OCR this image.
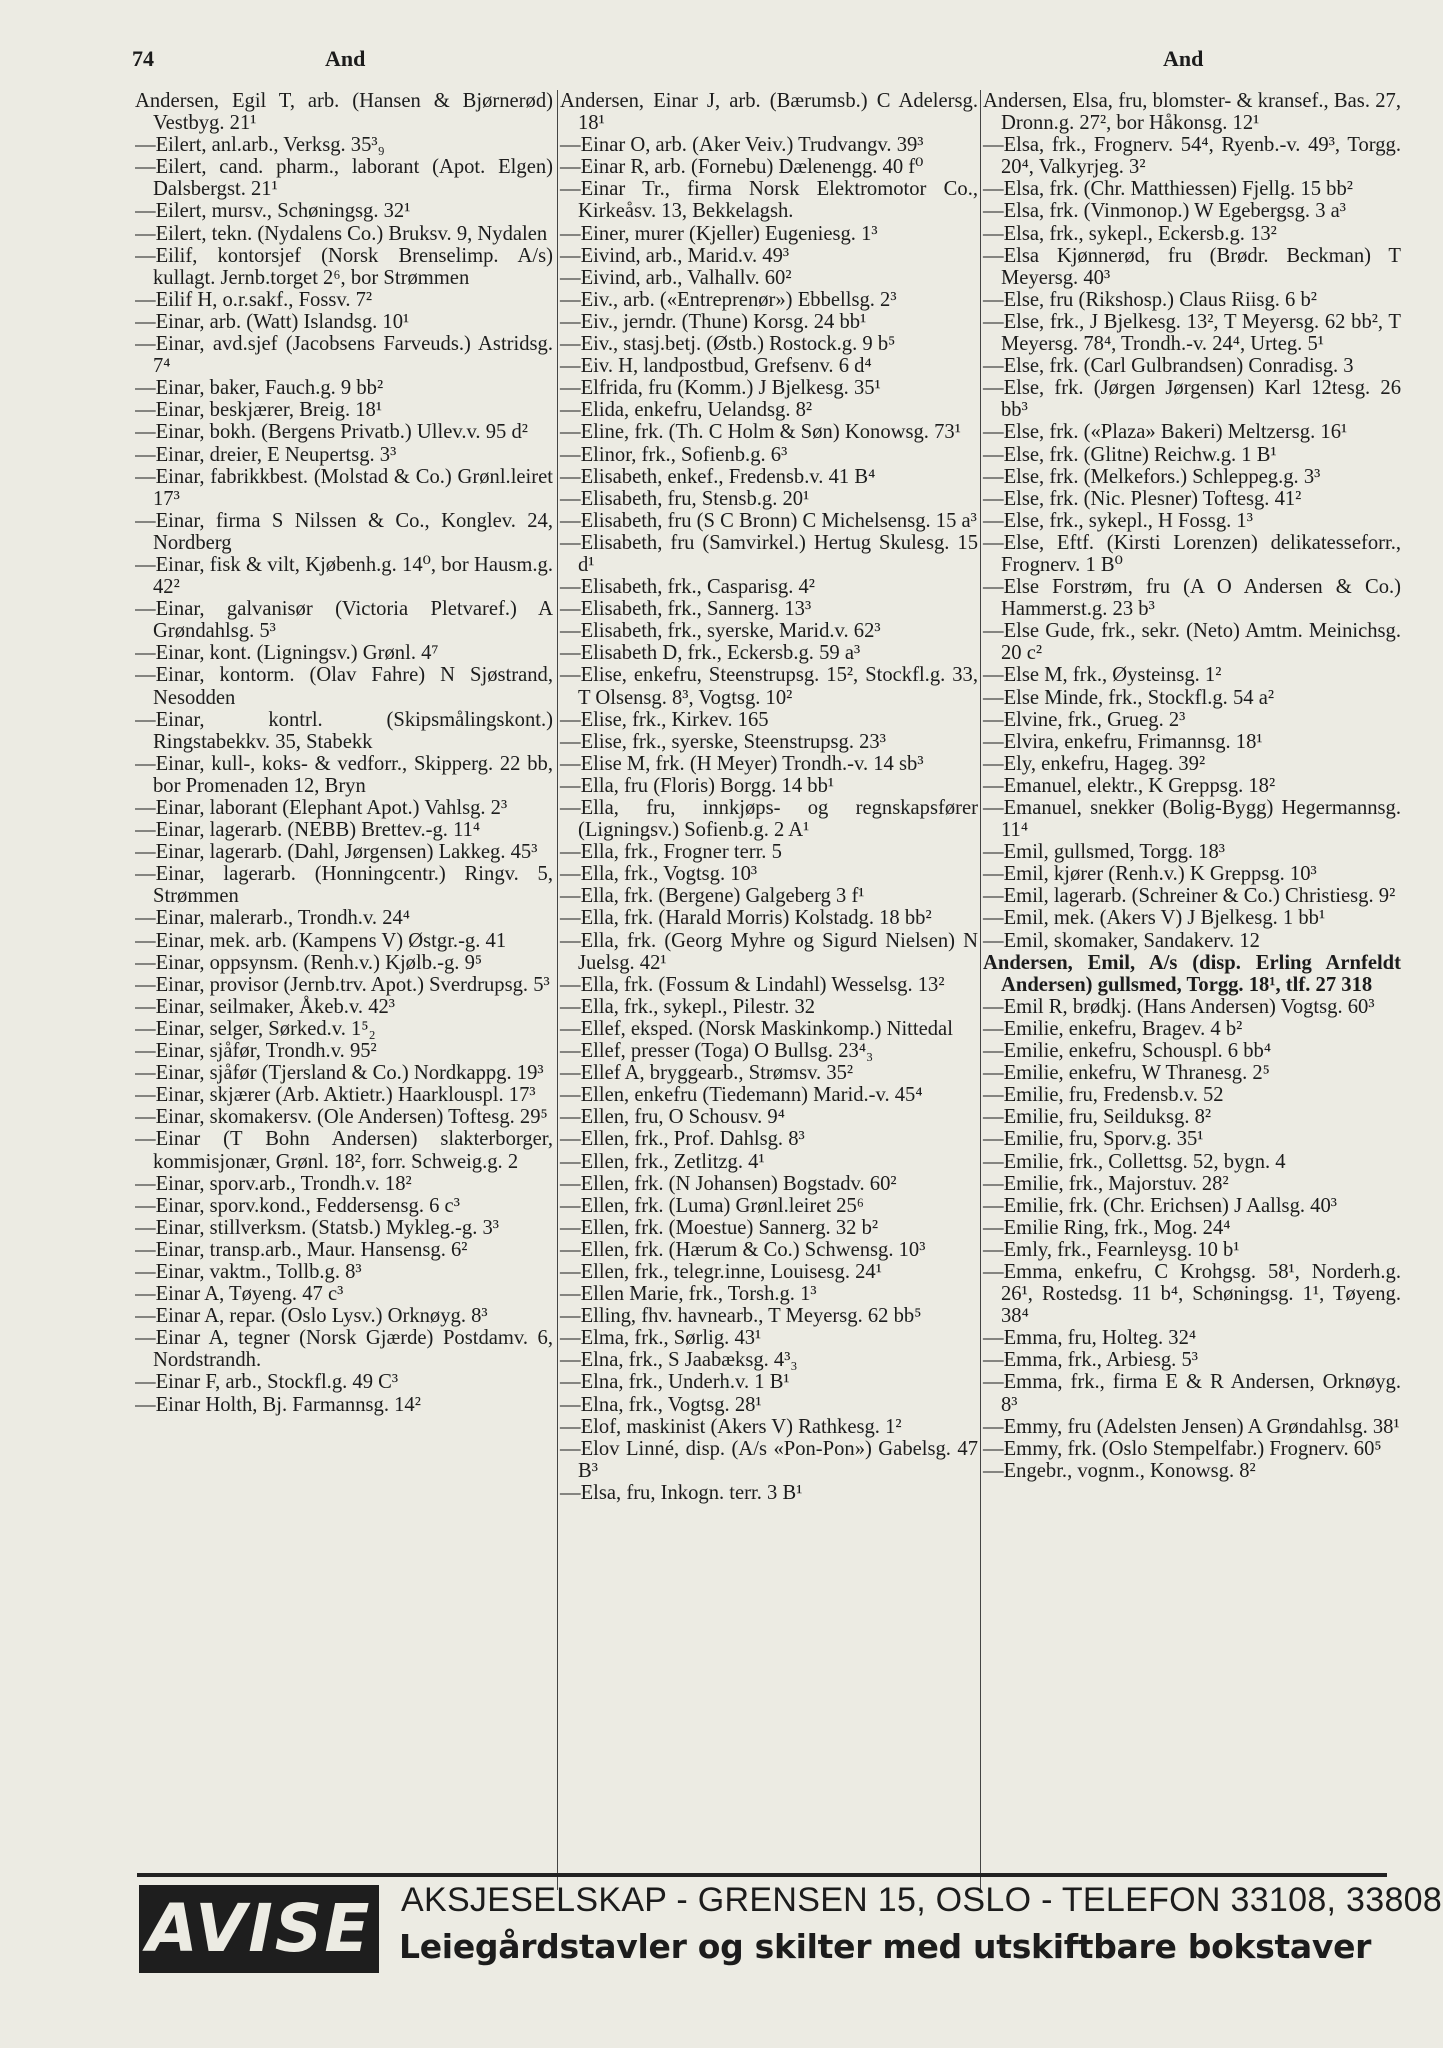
74	And	And

Andersen, Egil T, arb. (Hansen & Bjørnerød) Vestbyg. 21¹

—Eilert, anl.arb., Verksg. 35³₉

—Eilert, cand. pharm., laborant (Apot. Elgen) Dalsbergst. 21¹

—Eilert, mursv., Schøningsg. 32¹

—Eilert, tekn. (Nydalens Co.) Bruksv. 9, Nydalen

—Eilif, kontorsjef (Norsk Brenselimp. A/s) kullagt. Jernb.torget 2⁶, bor Strømmen

—Eilif H, o.r.sakf., Fossv. 7²

—Einar, arb. (Watt) Islandsg. 10¹

—Einar, avd.sjef (Jacobsens Farveuds.) Astridsg. 7⁴

—Einar, baker, Fauch.g. 9 bb²

—Einar, beskjærer, Breig. 18¹

—Einar, bokh. (Bergens Privatb.) Ullev.v. 95 d²

—Einar, dreier, E Neupertsg. 3³

—Einar, fabrikkbest. (Molstad & Co.) Grønl.leiret 17³

—Einar, firma S Nilssen & Co., Konglev. 24, Nordberg

—Einar, fisk & vilt, Kjøbenh.g. 14⁰, bor Hausm.g. 42²

—Einar, galvanisør (Victoria Pletvaref.) A Grøndahlsg. 5³

—Einar, kont. (Ligningsv.) Grønl. 4⁷

—Einar, kontorm. (Olav Fahre) N Sjøstrand, Nesodden

—Einar, kontrl. (Skipsmålingskont.) Ringstabekkv. 35, Stabekk

—Einar, kull-, koks- & vedforr., Skipperg. 22 bb, bor Promenaden 12, Bryn

—Einar, laborant (Elephant Apot.) Vahlsg. 2³

—Einar, lagerarb. (NEBB) Brettev.-g. 11⁴

—Einar, lagerarb. (Dahl, Jørgensen) Lakkeg. 45³

—Einar, lagerarb. (Honningcentr.) Ringv. 5, Strømmen

—Einar, malerarb., Trondh.v. 24⁴

—Einar, mek. arb. (Kampens V) Østgr.-g. 41

—Einar, oppsynsm. (Renh.v.) Kjølb.-g. 9⁵

—Einar, provisor (Jernb.trv. Apot.) Sverdrupsg. 5³

—Einar, seilmaker, Åkeb.v. 42³

—Einar, selger, Sørked.v. 1⁵₂

—Einar, sjåfør, Trondh.v. 95²

—Einar, sjåfør (Tjersland & Co.) Nordkappg. 19³

—Einar, skjærer (Arb. Aktietr.) Haarklouspl. 17³

—Einar, skomakersv. (Ole Andersen) Toftesg. 29⁵

—Einar (T Bohn Andersen) slakterborger, kommisjonær, Grønl. 18², forr. Schweig.g. 2

—Einar, sporv.arb., Trondh.v. 18²

—Einar, sporv.kond., Feddersensg. 6 c³

—Einar, stillverksm. (Statsb.) Mykleg.-g. 3³

—Einar, transp.arb., Maur. Hansensg. 6²

—Einar, vaktm., Tollb.g. 8³

—Einar A, Tøyeng. 47 c³

—Einar A, repar. (Oslo Lysv.) Orknøyg. 8³

—Einar A, tegner (Norsk Gjærde) Postdamv. 6, Nordstrandh.

—Einar F, arb., Stockfl.g. 49 C³

—Einar Holth, Bj. Farmannsg. 14²

Andersen, Einar J, arb. (Bærumsb.) C Adelersg. 18¹

—Einar O, arb. (Aker Veiv.) Trudvangv. 39³

—Einar R, arb. (Fornebu) Dælenengg. 40 f⁰

—Einar Tr., firma Norsk Elektromotor Co., Kirkeåsv. 13, Bekkelagsh.

—Einer, murer (Kjeller) Eugeniesg. 1³

—Eivind, arb., Marid.v. 49³

—Eivind, arb., Valhallv. 60²

—Eiv., arb. («Entreprenør») Ebbellsg. 2³

—Eiv., jerndr. (Thune) Korsg. 24 bb¹

—Eiv., stasj.betj. (Østb.) Rostock.g. 9 b⁵

—Eiv. H, landpostbud, Grefsenv. 6 d⁴

—Elfrida, fru (Komm.) J Bjelkesg. 35¹

—Elida, enkefru, Uelandsg. 8²

—Eline, frk. (Th. C Holm & Søn) Konowsg. 73¹

—Elinor, frk., Sofienb.g. 6³

—Elisabeth, enkef., Fredensb.v. 41 B⁴

—Elisabeth, fru, Stensb.g. 20¹

—Elisabeth, fru (S C Bronn) C Michelsensg. 15 a³

—Elisabeth, fru (Samvirkel.) Hertug Skulesg. 15 d¹

—Elisabeth, frk., Casparisg. 4²

—Elisabeth, frk., Sannerg. 13³

—Elisabeth, frk., syerske, Marid.v. 62³

—Elisabeth D, frk., Eckersb.g. 59 a³

—Elise, enkefru, Steenstrupsg. 15², Stockfl.g. 33, T Olsensg. 8³, Vogtsg. 10²

—Elise, frk., Kirkev. 165

—Elise, frk., syerske, Steenstrupsg. 23³

—Elise M, frk. (H Meyer) Trondh.-v. 14 sb³

—Ella, fru (Floris) Borgg. 14 bb¹

—Ella, fru, innkjøps- og regnskapsfører (Ligningsv.) Sofienb.g. 2 A¹

—Ella, frk., Frogner terr. 5

—Ella, frk., Vogtsg. 10³

—Ella, frk. (Bergene) Galgeberg 3 f¹

—Ella, frk. (Harald Morris) Kolstadg. 18 bb²

—Ella, frk. (Georg Myhre og Sigurd Nielsen) N Juelsg. 42¹

—Ella, frk. (Fossum & Lindahl) Wesselsg. 13²

—Ella, frk., sykepl., Pilestr. 32

—Ellef, eksped. (Norsk Maskinkomp.) Nittedal

—Ellef, presser (Toga) O Bullsg. 23⁴₃

—Ellef A, bryggearb., Strømsv. 35²

—Ellen, enkefru (Tiedemann) Marid.-v. 45⁴

—Ellen, fru, O Schousv. 9⁴

—Ellen, frk., Prof. Dahlsg. 8³

—Ellen, frk., Zetlitzg. 4¹

—Ellen, frk. (N Johansen) Bogstadv. 60²

—Ellen, frk. (Luma) Grønl.leiret 25⁶

—Ellen, frk. (Moestue) Sannerg. 32 b²

—Ellen, frk. (Hærum & Co.) Schwensg. 10³

—Ellen, frk., telegr.inne, Louisesg. 24¹

—Ellen Marie, frk., Torsh.g. 1³

—Elling, fhv. havnearb., T Meyersg. 62 bb⁵

—Elma, frk., Sørlig. 43¹

—Elna, frk., S Jaabæksg. 4³₃

—Elna, frk., Underh.v. 1 B¹

—Elna, frk., Vogtsg. 28¹

—Elof, maskinist (Akers V) Rathkesg. 1²

—Elov Linné, disp. (A/s «Pon-Pon») Gabelsg. 47 B³

—Elsa, fru, Inkogn. terr. 3 B¹

Andersen, Elsa, fru, blomster- & kransef., Bas. 27, Dronn.g. 27², bor Håkonsg. 12¹

—Elsa, frk., Frognerv. 54⁴, Ryenb.-v. 49³, Torgg. 20⁴, Valkyrjeg. 3²

—Elsa, frk. (Chr. Matthiessen) Fjellg. 15 bb²

—Elsa, frk. (Vinmonop.) W Egebergsg. 3 a³

—Elsa, frk., sykepl., Eckersb.g. 13²

—Elsa Kjønnerød, fru (Brødr. Beckman) T Meyersg. 40³

—Else, fru (Rikshosp.) Claus Riisg. 6 b²

—Else, frk., J Bjelkesg. 13², T Meyersg. 62 bb², T Meyersg. 78⁴, Trondh.-v. 24⁴, Urteg. 5¹

—Else, frk. (Carl Gulbrandsen) Conradisg. 3

—Else, frk. (Jørgen Jørgensen) Karl 12tesg. 26 bb³

—Else, frk. («Plaza» Bakeri) Meltzersg. 16¹

—Else, frk. (Glitne) Reichw.g. 1 B¹

—Else, frk. (Melkefors.) Schleppeg.g. 3³

—Else, frk. (Nic. Plesner) Toftesg. 41²

—Else, frk., sykepl., H Fossg. 1³

—Else, Eftf. (Kirsti Lorenzen) delikatesseforr., Frognerv. 1 B⁰

—Else Forstrøm, fru (A O Andersen & Co.) Hammerst.g. 23 b³

—Else Gude, frk., sekr. (Neto) Amtm. Meinichsg. 20 c²

—Else M, frk., Øysteinsg. 1²

—Else Minde, frk., Stockfl.g. 54 a²

—Elvine, frk., Grueg. 2³

—Elvira, enkefru, Frimannsg. 18¹

—Ely, enkefru, Hageg. 39²

—Emanuel, elektr., K Greppsg. 18²

—Emanuel, snekker (Bolig-Bygg) Hegermannsg. 11⁴

—Emil, gullsmed, Torgg. 18³

—Emil, kjører (Renh.v.) K Greppsg. 10³

—Emil, lagerarb. (Schreiner & Co.) Christiesg. 9²

—Emil, mek. (Akers V) J Bjelkesg. 1 bb¹

—Emil, skomaker, Sandakerv. 12

Andersen, Emil, A/s (disp. Erling Arnfeldt Andersen) gullsmed, Torgg. 18¹, tlf. 27 318

—Emil R, brødkj. (Hans Andersen) Vogtsg. 60³

—Emilie, enkefru, Bragev. 4 b²

—Emilie, enkefru, Schouspl. 6 bb⁴

—Emilie, enkefru, W Thranesg. 2⁵

—Emilie, fru, Fredensb.v. 52

—Emilie, fru, Seilduksg. 8²

—Emilie, fru, Sporv.g. 35¹

—Emilie, frk., Collettsg. 52, bygn. 4

—Emilie, frk., Majorstuv. 28²

—Emilie, frk. (Chr. Erichsen) J Aallsg. 40³

—Emilie Ring, frk., Mog. 24⁴

—Emly, frk., Fearnleysg. 10 b¹

—Emma, enkefru, C Krohgsg. 58¹, Norderh.g. 26¹, Rostedsg. 11 b⁴, Schøningsg. 1¹, Tøyeng. 38⁴

—Emma, fru, Holteg. 32⁴

—Emma, frk., Arbiesg. 5³

—Emma, frk., firma E & R Andersen, Orknøyg. 8³

—Emmy, fru (Adelsten Jensen) A Grøndahlsg. 38¹

—Emmy, frk. (Oslo Stempelfabr.) Frognerv. 60⁵

—Engebr., vognm., Konowsg. 8²

AVISE AKSJESELSKAP - GRENSEN 15, OSLO - TELEFON 33108, 33808
Leiegårdstavler og skilter med utskiftbare bokstaver
